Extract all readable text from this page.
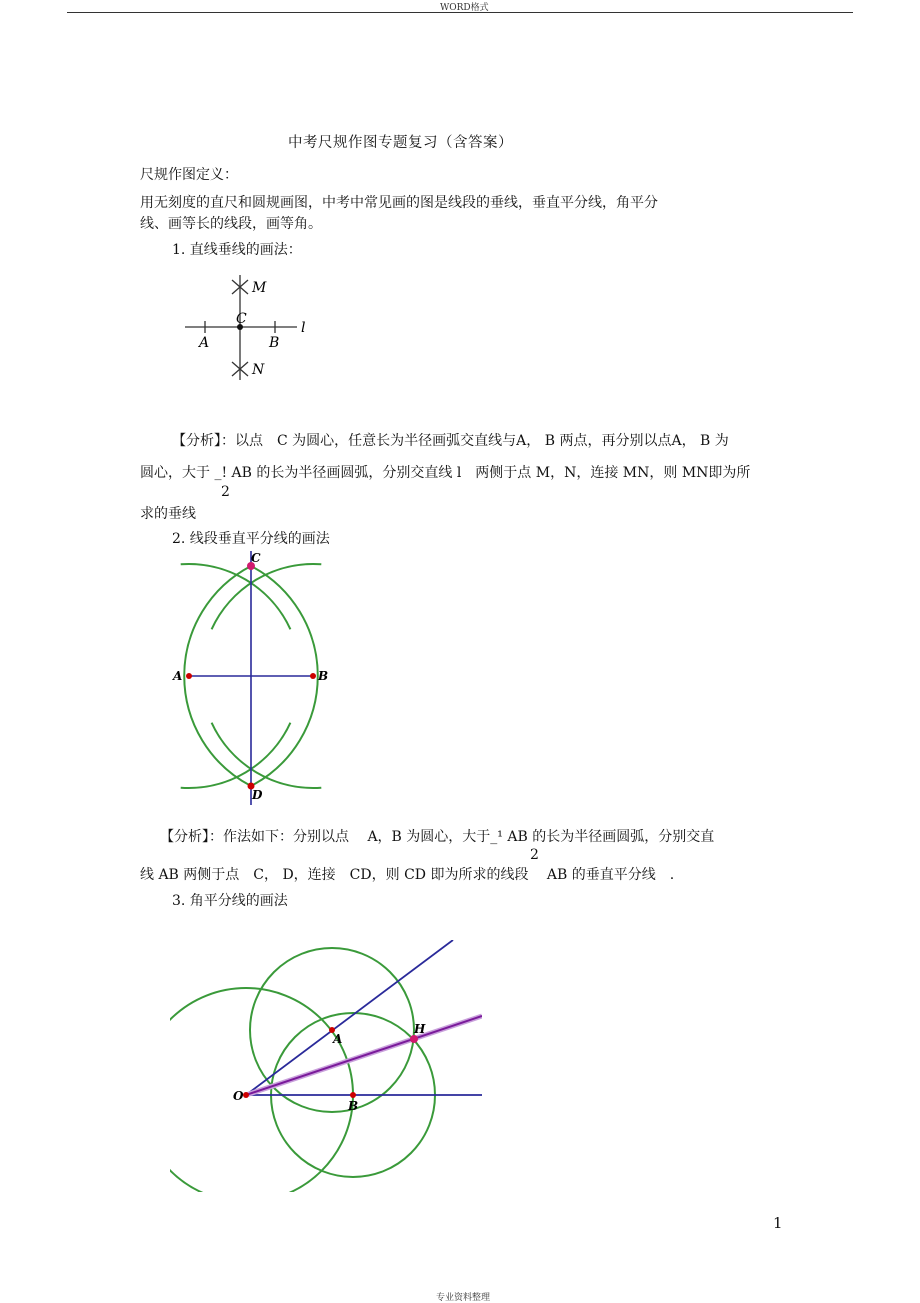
WORD格式
中考尺规作图专题复习（含答案）
尺规作图定义：
用无刻度的直尺和圆规画图，中考中常见画的图是线段的垂线，垂直平分线，角平分
线、画等长的线段，画等角。
1. 直线垂线的画法：
M
C
A	B
l
N
【分析】：以点　C 为圆心，任意长为半径画弧交直线与A， B 两点，再分别以点A， B 为
圆心，大于 _! AB 的长为半径画圆弧，分别交直线 l　两侧于点 M，N，连接 MN，则 MN即为所
2
求的垂线
2. 线段垂直平分线的画法
C
A	B
D
【分析】：作法如下：分别以点　 A，B 为圆心，大于_¹ AB 的长为半径画圆弧，分别交直
2
线 AB 两侧于点　C， D，连接　CD，则 CD 即为所求的线段　 AB 的垂直平分线　.
3. 角平分线的画法
O
A
B
H
1
专业资料整理
